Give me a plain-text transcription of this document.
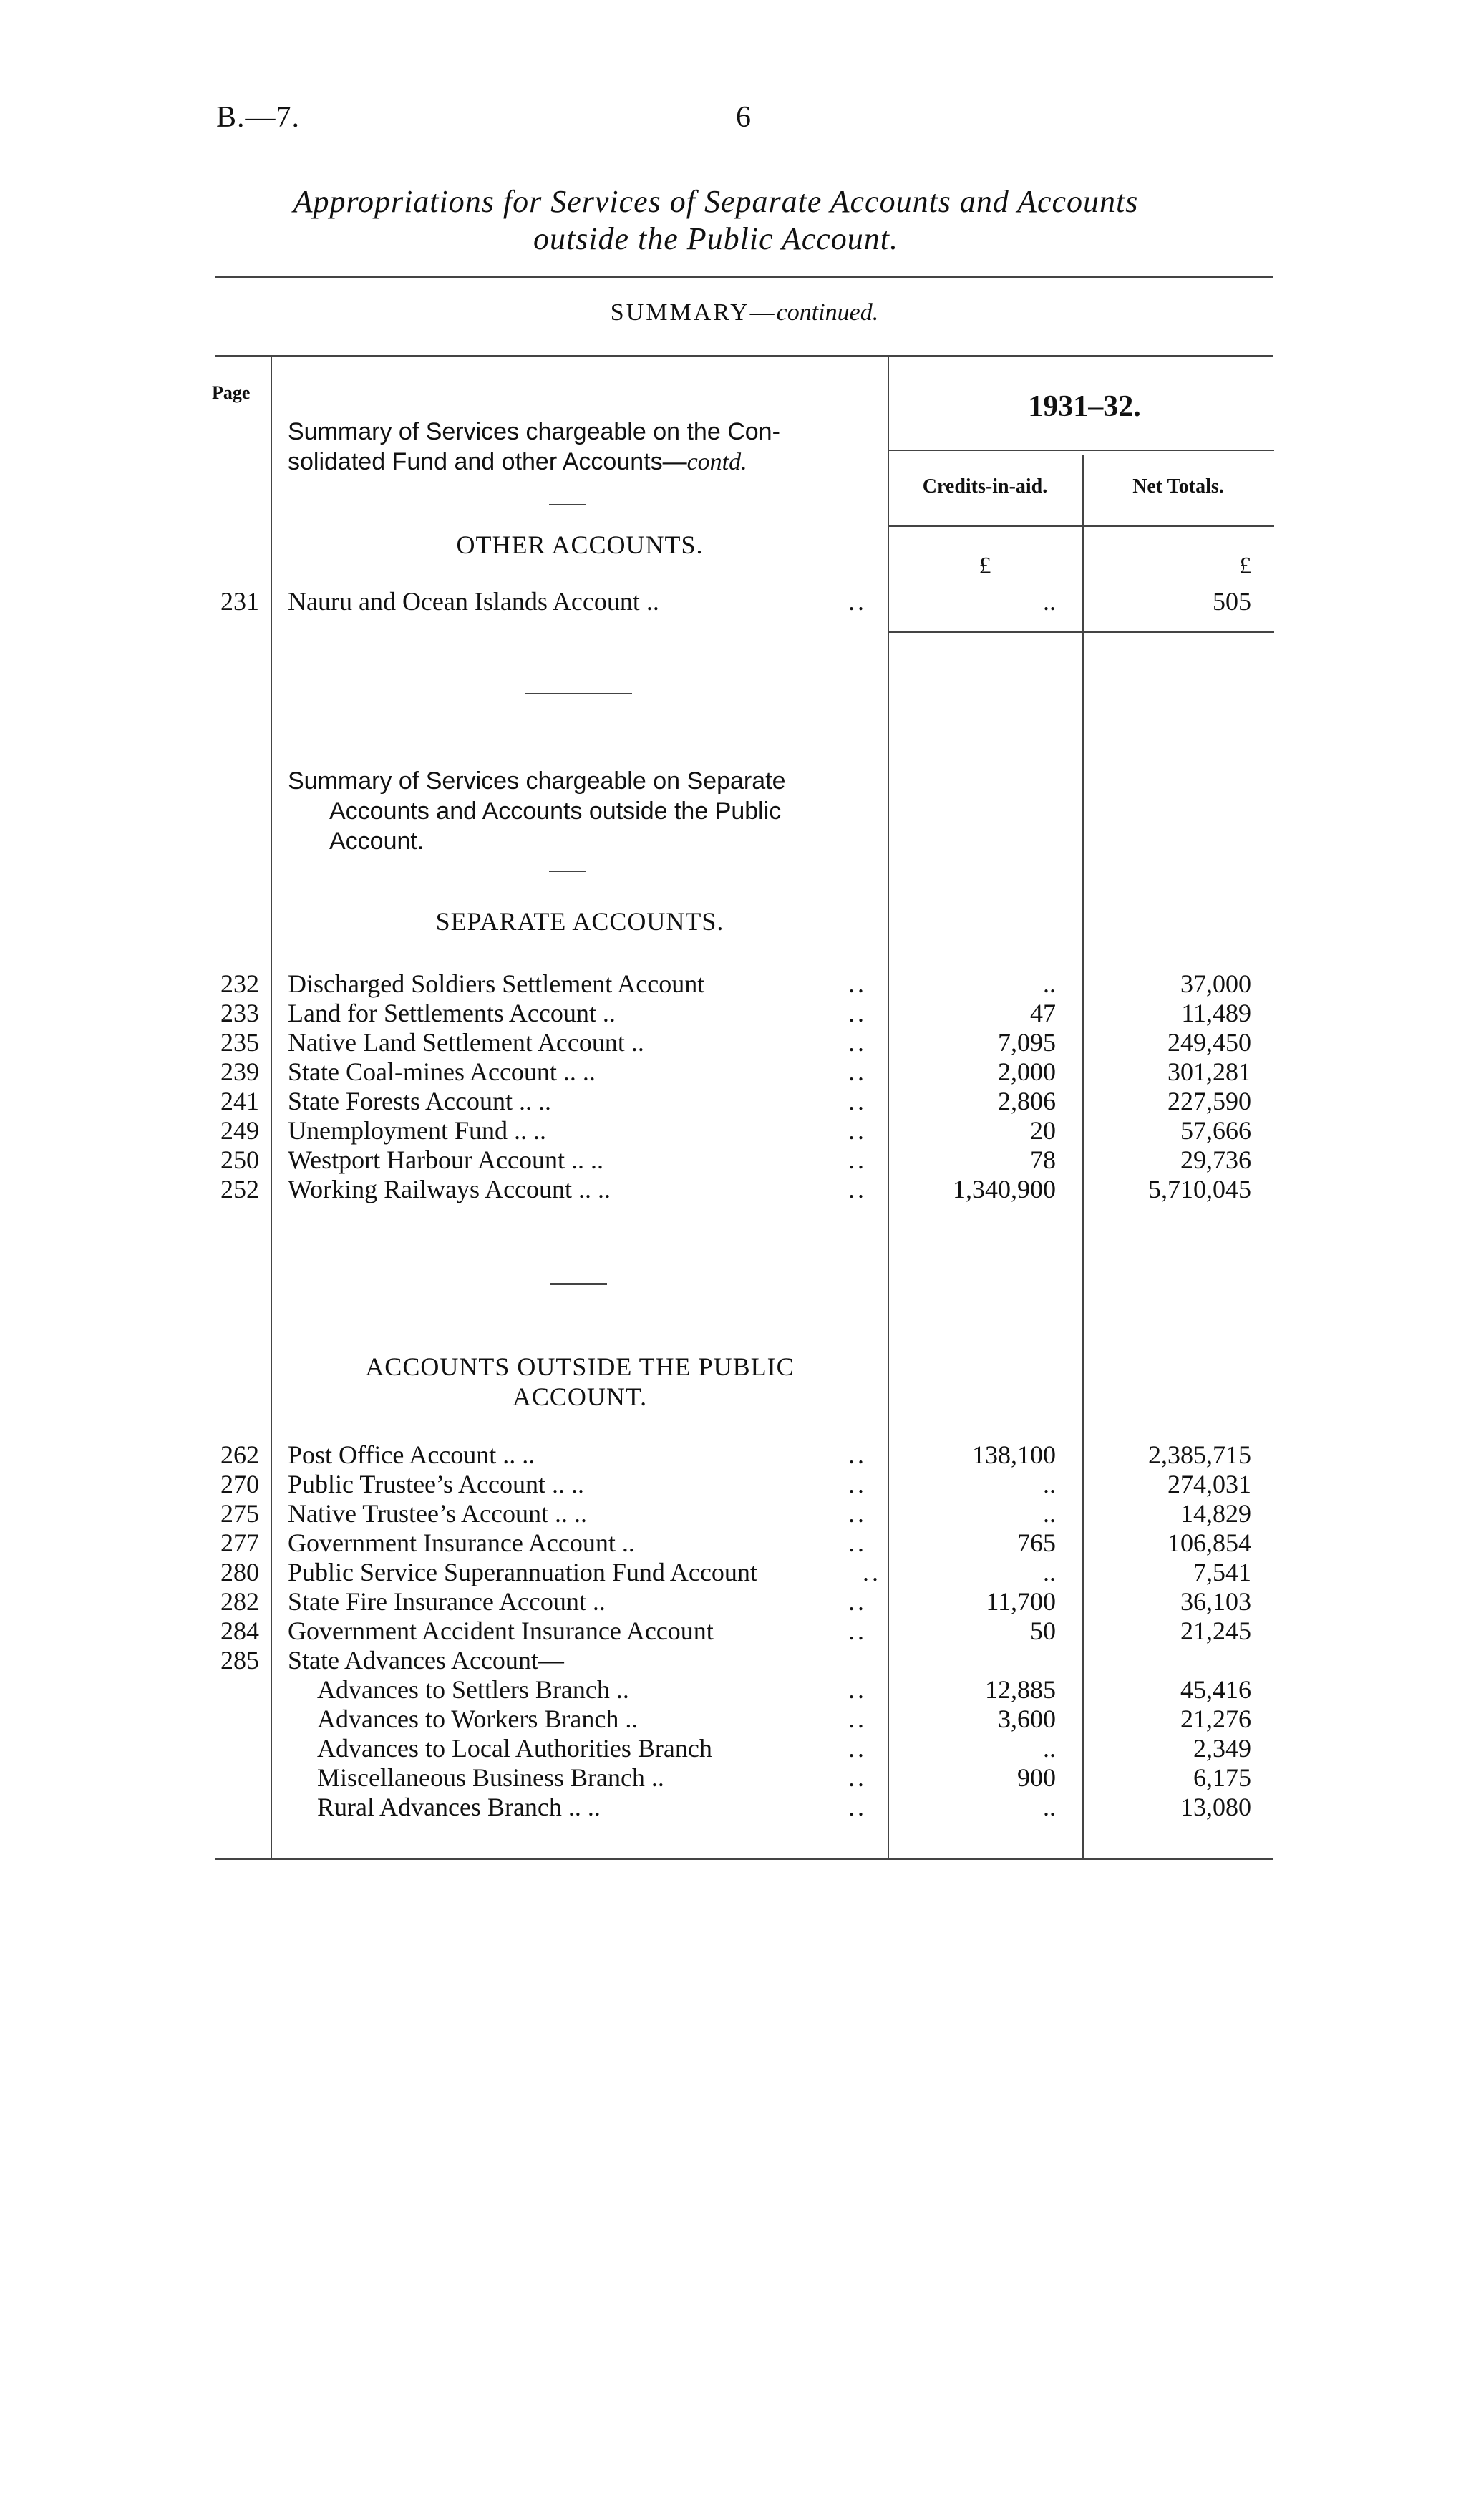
B.—7.	6
Appropriations for Services of Separate Accounts and Accounts
outside the Public Account.
SUMMARY—continued.
Page	1931–32.
Credits-in-aid.	Net Totals.
Summary of Services chargeable on the Con-
solidated Fund and other Accounts—contd.
OTHER ACCOUNTS.
£	£
231 Nauru and Ocean Islands Account ..	..	..	505
Summary of Services chargeable on Separate
Accounts and Accounts outside the Public
Account.
SEPARATE ACCOUNTS.
232 Discharged Soldiers Settlement Account	..	..	37,000
233 Land for Settlements Account ..	..	47	11,489
235 Native Land Settlement Account ..	..	7,095	249,450
239 State Coal-mines Account .. ..	..	2,000	301,281
241 State Forests Account .. ..	..	2,806	227,590
249 Unemployment Fund .. ..	..	20	57,666
250 Westport Harbour Account .. ..	..	78	29,736
252 Working Railways Account .. ..	..	1,340,900	5,710,045
ACCOUNTS OUTSIDE THE PUBLIC
ACCOUNT.
262 Post Office Account .. ..	..	138,100	2,385,715
270 Public Trustee’s Account .. ..	..	..	274,031
275 Native Trustee’s Account .. ..	..	..	14,829
277 Government Insurance Account ..	..	765	106,854
280 Public Service Superannuation Fund Account	..	..	7,541
282 State Fire Insurance Account ..	..	11,700	36,103
284 Government Accident Insurance Account	..	50	21,245
285 State Advances Account—
Advances to Settlers Branch ..	..	12,885	45,416
Advances to Workers Branch ..	..	3,600	21,276
Advances to Local Authorities Branch	..	..	2,349
Miscellaneous Business Branch ..	..	900	6,175
Rural Advances Branch .. ..	..	..	13,080
